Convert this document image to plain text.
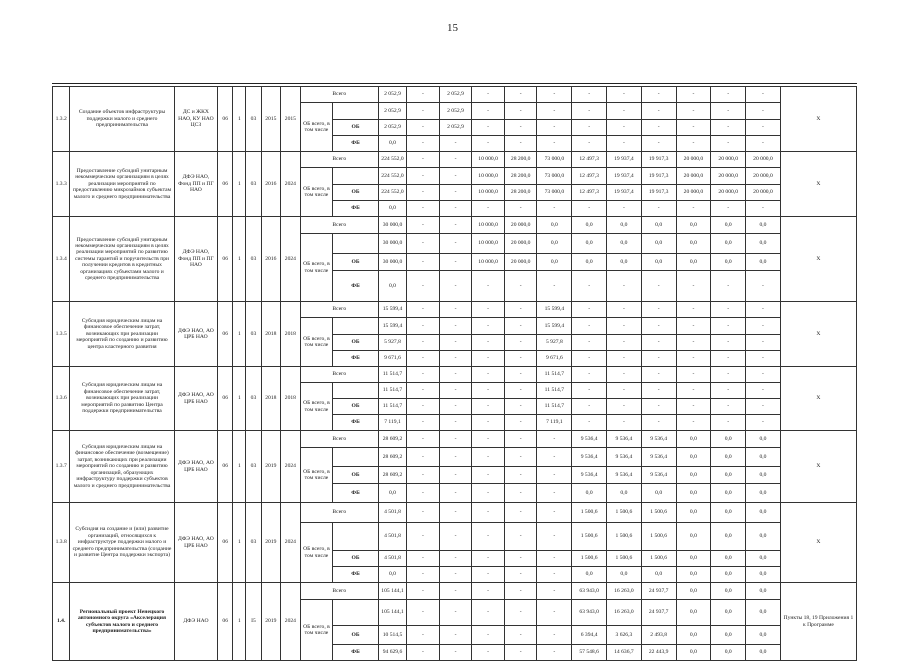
15
1.3.2	Создание объектов инфраструктуры поддержки малого и среднего предпринимательства	ДС и ЖКХ НАО, КУ НАО ЦСЗ	06	1	03	2015	2015	Всего		2 052,9	-	2 052,9	-	-	-	-	-	-	-	-	-	Х
								ОБ всего, в том числе		2 052,9	-	2 052,9	-	-	-	-	-	-	-	-	-	
									ОБ	2 052,9	-	2 052,9	-	-	-	-	-	-	-	-	-	
									ФБ	0,0	-	-	-	-	-	-	-	-	-	-	-	
1.3.3	Предоставление субсидий унитарным некоммерческим организациям в целях реализации мероприятий по предоставлению микрозаймов субъектам малого и среднего предпринимательства	ДФЭ НАО, Фонд ПП и ПГ НАО	06	1	03	2016	2024	Всего		224 552,0	-	-	10 000,0	28 200,0	73 000,0	12 497,3	19 937,4	19 917,3	20 000,0	20 000,0	20 000,0	Х
								ОБ всего, в том числе		224 552,0	-	-	10 000,0	28 200,0	73 000,0	12 497,3	19 937,4	19 917,3	20 000,0	20 000,0	20 000,0	
									ОБ	224 552,0	-	-	10 000,0	28 200,0	73 000,0	12 497,3	19 937,4	19 917,3	20 000,0	20 000,0	20 000,0	
									ФБ	0,0	-	-	-	-	-	-	-	-	-	-	-	
1.3.4	Предоставление субсидий унитарным некоммерческим организациям в целях реализации мероприятий по развитию системы гарантий и поручительств при получении кредитов в кредитных организациях субъектами малого и среднего предпринимательства	ДФЭ НАО, Фонд ПП и ПГ НАО	06	1	03	2016	2024	Всего		30 000,0	-	-	10 000,0	20 000,0	0,0	0,0	0,0	0,0	0,0	0,0	0,0	Х
								ОБ всего, в том числе		30 000,0	-	-	10 000,0	20 000,0	0,0	0,0	0,0	0,0	0,0	0,0	0,0	
									ОБ	30 000,0	-	-	10 000,0	20 000,0	0,0	0,0	0,0	0,0	0,0	0,0	0,0	
									ФБ	0,0	-	-	-	-	-	-	-	-	-	-	-	
1.3.5	Субсидия юридическим лицам на финансовое обеспечение затрат, возникающих при реализации мероприятий по созданию и развитию центра кластерного развития	ДФЭ НАО, АО ЦРБ НАО	06	1	03	2018	2018	Всего		15 599,4	-	-	-	-	15 599,4	-	-	-	-	-	-	Х
								ОБ всего, в том числе		15 599,4	-	-	-	-	15 599,4	-	-	-	-	-	-	
									ОБ	5 927,8	-	-	-	-	5 927,8	-	-	-	-	-	-	
									ФБ	9 671,6	-	-	-	-	9 671,6	-	-	-	-	-	-	
1.3.6	Субсидия юридическим лицам на финансовое обеспечение затрат, возникающих при реализации мероприятий по развитию Центра поддержки предпринимательства	ДФЭ НАО, АО ЦРБ НАО	06	1	03	2018	2018	Всего		11 514,7	-	-	-	-	11 514,7	-	-	-	-	-	-	Х
								ОБ всего, в том числе		11 514,7	-	-	-	-	11 514,7	-	-	-	-	-	-	
									ОБ	11 514,7	-	-	-	-	11 514,7	-	-	-	-	-	-	
									ФБ	7 119,1	-	-	-	-	7 119,1	-	-	-	-	-	-	
1.3.7	Субсидия юридическим лицам на финансовое обеспечение (возмещение) затрат, возникающих при реализации мероприятий по созданию и развитию организаций, образующих инфраструктуру поддержки субъектов малого и среднего предпринимательства	ДФЭ НАО, АО ЦРБ НАО	06	1	03	2019	2024	Всего		28 609,2	-	-	-	-	-	9 536,4	9 536,4	9 536,4	0,0	0,0	0,0	Х
								ОБ всего, в том числе		28 609,2	-	-	-	-	-	9 536,4	9 536,4	9 536,4	0,0	0,0	0,0	
									ОБ	28 609,2	-	-	-	-	-	9 536,4	9 536,4	9 536,4	0,0	0,0	0,0	
									ФБ	0,0	-	-	-	-	-	0,0	0,0	0,0	0,0	0,0	0,0	
1.3.8	Субсидия на создание и (или) развитие организаций, относящихся к инфраструктуре поддержки малого и среднего предпринимательства (создание и развитие Центра поддержки экспорта)	ДФЭ НАО, АО ЦРБ НАО	06	1	03	2019	2024	Всего		4 501,8	-	-	-	-	-	1 500,6	1 500,6	1 500,6	0,0	0,0	0,0	Х
								ОБ всего, в том числе		4 501,8	-	-	-	-	-	1 500,6	1 500,6	1 500,6	0,0	0,0	0,0	
									ОБ	4 501,8	-	-	-	-	-	1 500,6	1 500,6	1 500,6	0,0	0,0	0,0	
									ФБ	0,0	-	-	-	-	-	0,0	0,0	0,0	0,0	0,0	0,0	
1.4.	Региональный проект Ненецкого автономного округа «Акселерация субъектов малого и среднего предпринимательства»	ДФЭ НАО	06	1	I5	2019	2024	Всего		105 144,1	-	-	-	-	-	63 943,0	16 263,0	24 937,7	0,0	0,0	0,0	Пункты 18, 19 Приложения 1 к Программе
								ОБ всего, в том числе		105 144,1	-	-	-	-	-	63 943,0	16 263,0	24 937,7	0,0	0,0	0,0	
									ОБ	10 514,5	-	-	-	-	-	6 394,4	3 626,3	2 493,8	0,0	0,0	0,0	
									ФБ	94 629,6	-	-	-	-	-	57 548,6	14 636,7	22 443,9	0,0	0,0	0,0	
